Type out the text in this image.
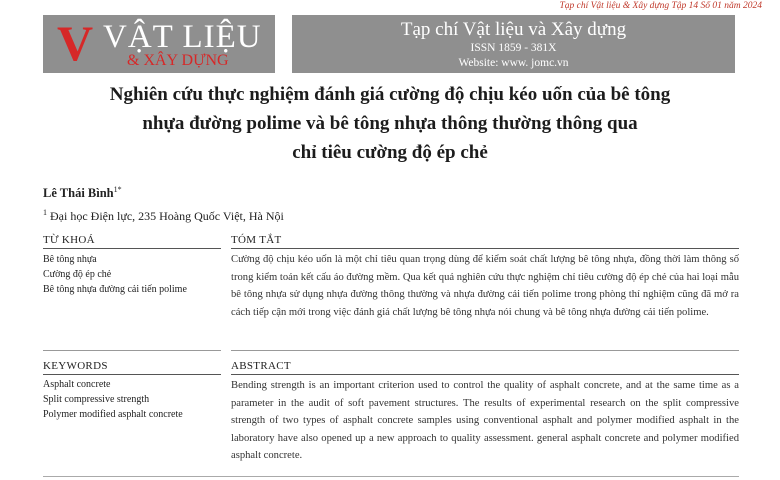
Tạp chí Vật liệu & Xây dựng Tập 14 Số 01 năm 2024
V VẬT LIỆU
& XÂY DỰNG
Tạp chí Vật liệu và Xây dựng
ISSN 1859 - 381X
Website: www. jomc.vn
Nghiên cứu thực nghiệm đánh giá cường độ chịu kéo uốn của bê tông
nhựa đường polime và bê tông nhựa thông thường thông qua
chỉ tiêu cường độ ép chẻ
Lê Thái Bình$^{1*}$
$^1$ Đại học Điện lực, 235 Hoàng Quốc Việt, Hà Nội
TỪ KHOÁ	TÓM TẮT
Bê tông nhựa
Cường độ ép chẻ
Bê tông nhựa đường cải tiến polime
Cường độ chịu kéo uốn là một chỉ tiêu quan trọng dùng để kiểm soát chất lượng bê tông nhựa, đồng thời làm thông số trong kiểm toán kết cấu áo đường mềm. Qua kết quả nghiên cứu thực nghiệm chỉ tiêu cường độ ép chẻ của hai loại mẫu bê tông nhựa sử dụng nhựa đường thông thường và nhựa đường cải tiến polime trong phòng thí nghiệm cũng đã mở ra cách tiếp cận mới trong việc đánh giá chất lượng bê tông nhựa nói chung và bê tông nhựa đường cải tiến polime.
KEYWORDS	ABSTRACT
Asphalt concrete
Split compressive strength
Polymer modified asphalt concrete
Bending strength is an important criterion used to control the quality of asphalt concrete, and at the same time as a parameter in the audit of soft pavement structures. The results of experimental research on the split compressive strength of two types of asphalt concrete samples using conventional asphalt and polymer modified asphalt in the laboratory have also opened up a new approach to quality assessment. general asphalt concrete and polymer modified asphalt concrete.
